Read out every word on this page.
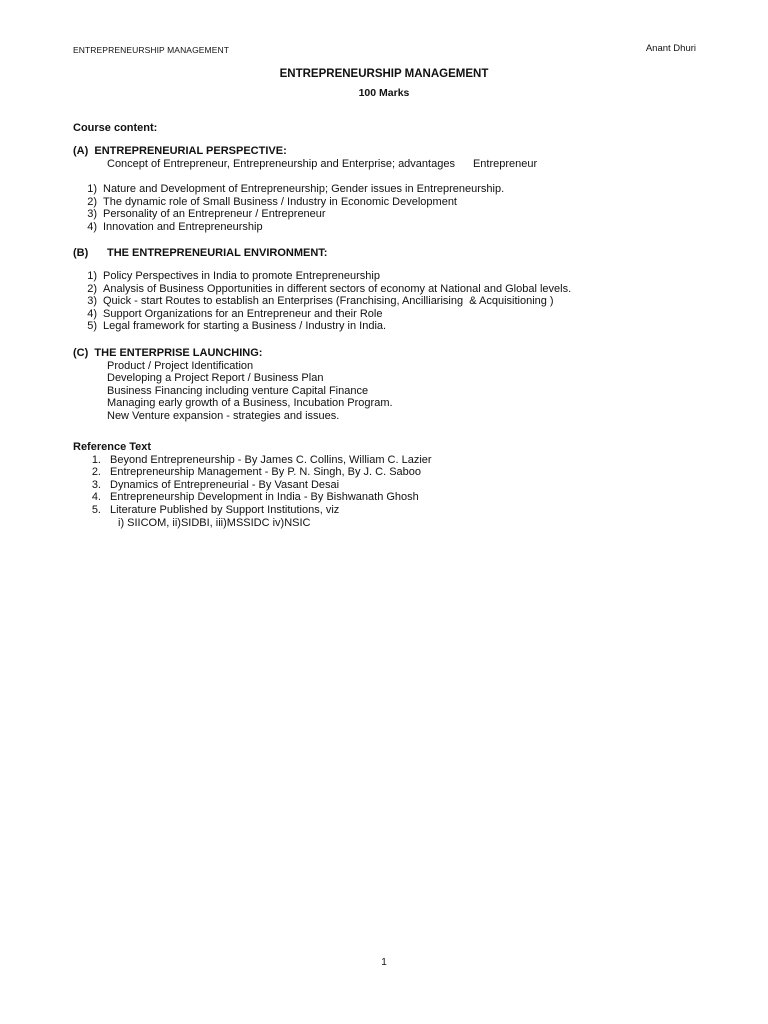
ENTREPRENEURSHIP MANAGEMENT	Anant Dhuri
ENTREPRENEURSHIP MANAGEMENT
100 Marks
Course content:
(A) ENTREPRENEURIAL PERSPECTIVE:
Concept of Entrepreneur, Entrepreneurship and Enterprise; advantages Entrepreneur
1) Nature and Development of Entrepreneurship; Gender issues in Entrepreneurship.
2) The dynamic role of Small Business / Industry in Economic Development
3) Personality of an Entrepreneur / Entrepreneur
4) Innovation and Entrepreneurship
(B) THE ENTREPRENEURIAL ENVIRONMENT:
1) Policy Perspectives in India to promote Entrepreneurship
2) Analysis of Business Opportunities in different sectors of economy at National and Global levels.
3) Quick - start Routes to establish an Enterprises (Franchising, Ancilliarising  & Acquisitioning )
4) Support Organizations for an Entrepreneur and their Role
5) Legal framework for starting a Business / Industry in India.
(C) THE ENTERPRISE LAUNCHING:
Product / Project Identification
Developing a Project Report / Business Plan
Business Financing including venture Capital Finance
Managing early growth of a Business, Incubation Program.
New Venture expansion - strategies and issues.
Reference Text
1. Beyond Entrepreneurship - By James C. Collins, William C. Lazier
2. Entrepreneurship Management - By P. N. Singh, By J. C. Saboo
3. Dynamics of Entrepreneurial - By Vasant Desai
4. Entrepreneurship Development in India - By Bishwanath Ghosh
5. Literature Published by Support Institutions, viz
i) SIICOM, ii)SIDBI, iii)MSSIDC iv)NSIC
1
